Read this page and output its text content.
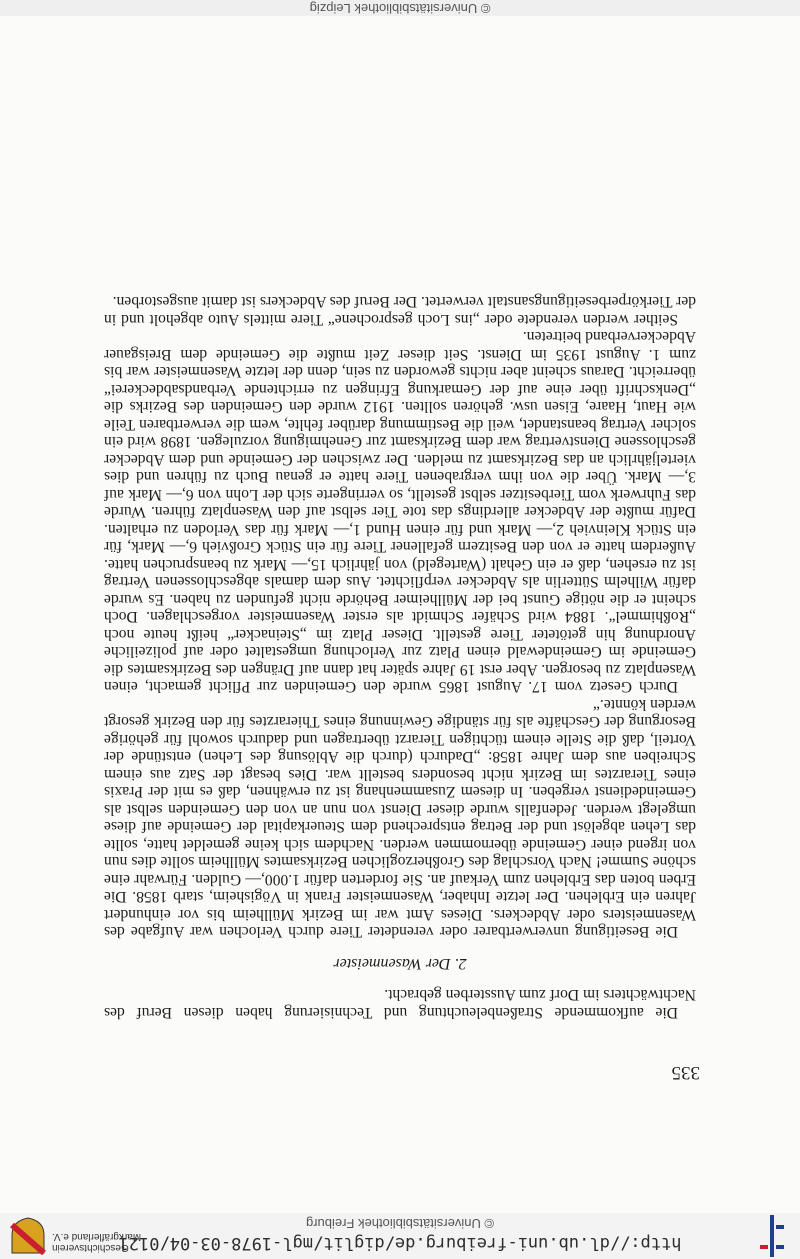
http://dl.ub.uni-freiburg.de/diglit/mgl-1978-03-04/0121
© Universitätsbibliothek Freiburg
Geschichtsverein
Markgräflerland e.V.
335

Die aufkommende Straßenbeleuchtung und Technisierung haben diesen Beruf des Nachtwächters im Dorf zum Aussterben gebracht.

2. Der Wasenmeister

Die Beseitigung unverwertbarer oder verendeter Tiere durch Verlochen war Aufgabe des Wasenmeisters oder Abdeckers. Dieses Amt war im Bezirk Müllheim bis vor einhundert Jahren ein Erblehen. Der letzte Inhaber, Wasenmeister Frank in Vögisheim, starb 1858. Die Erben boten das Erblehen zum Verkauf an. Sie forderten dafür 1.000,— Gulden. Fürwahr eine schöne Summe! Nach Vorschlag des Großherzoglichen Bezirksamtes Müllheim sollte dies nun von irgend einer Gemeinde übernommen werden. Nachdem sich keine gemeldet hatte, sollte das Lehen abgelöst und der Betrag entsprechend dem Steuerkapital der Gemeinde auf diese umgelegt werden. Jedenfalls wurde dieser Dienst von nun an von den Gemeinden selbst als Gemeindedienst vergeben. In diesem Zusammenhang ist zu erwähnen, daß es mit der Praxis eines Tierarztes im Bezirk nicht besonders bestellt war. Dies besagt der Satz aus einem Schreiben aus dem Jahre 1858: „Dadurch (durch die Ablösung des Lehen) entstünde der Vorteil, daß die Stelle einem tüchtigen Tierarzt übertragen und dadurch sowohl für gehörige Besorgung der Geschäfte als für ständige Gewinnung eines Thierarztes für den Bezirk gesorgt werden könnte.“

Durch Gesetz vom 17. August 1865 wurde den Gemeinden zur Pflicht gemacht, einen Wasenplatz zu besorgen. Aber erst 19 Jahre später hat dann auf Drängen des Bezirksamtes die Gemeinde im Gemeindewald einen Platz zur Verlochung umgestaltet oder auf polizeiliche Anordnung hin getöteter Tiere gestellt. Dieser Platz im „Steinacker“ heißt heute noch „Roßhimmel“. 1884 wird Schäfer Schmidt als erster Wasenmeister vorgeschlagen. Doch scheint er die nötige Gunst bei der Müllheimer Behörde nicht gefunden zu haben. Es wurde dafür Wilhelm Sütterlin als Abdecker verpflichtet. Aus dem damals abgeschlossenen Vertrag ist zu ersehen, daß er ein Gehalt (Wartegeld) von jährlich 15,— Mark zu beanspruchen hatte. Außerdem hatte er von den Besitzern gefallener Tiere für ein Stück Großvieh 6,— Mark, für ein Stück Kleinvieh 2,— Mark und für einen Hund 1,— Mark für das Verloden zu erhalten. Dafür mußte der Abdecker allerdings das tote Tier selbst auf den Wasenplatz führen. Wurde das Fuhrwerk vom Tierbesitzer selbst gestellt, so verringerte sich der Lohn von 6,— Mark auf 3,— Mark. Über die von ihm vergrabenen Tiere hatte er genau Buch zu führen und dies vierteljährlich an das Bezirksamt zu melden. Der zwischen der Gemeinde und dem Abdecker geschlossene Dienstvertrag war dem Bezirksamt zur Genehmigung vorzulegen. 1898 wird ein solcher Vertrag beanstandet, weil die Bestimmung darüber fehlte, wem die verwertbaren Teile wie Haut, Haare, Eisen usw. gehören sollten. 1912 wurde den Gemeinden des Bezirks die „Denkschrift über eine auf der Gemarkung Efringen zu errichtende Verbandsabdeckerei“ überreicht. Daraus scheint aber nichts geworden zu sein, denn der letzte Wasenmeister war bis zum 1. August 1935 im Dienst. Seit dieser Zeit mußte die Gemeinde dem Breisgauer Abdeckerverband beitreten.

Seither werden verendete oder „ins Loch gesprochene“ Tiere mittels Auto abgeholt und in der Tierkörperbeseitigungsanstalt verwertet. Der Beruf des Abdeckers ist damit ausgestorben.

© Universitätsbibliothek Leipzig
